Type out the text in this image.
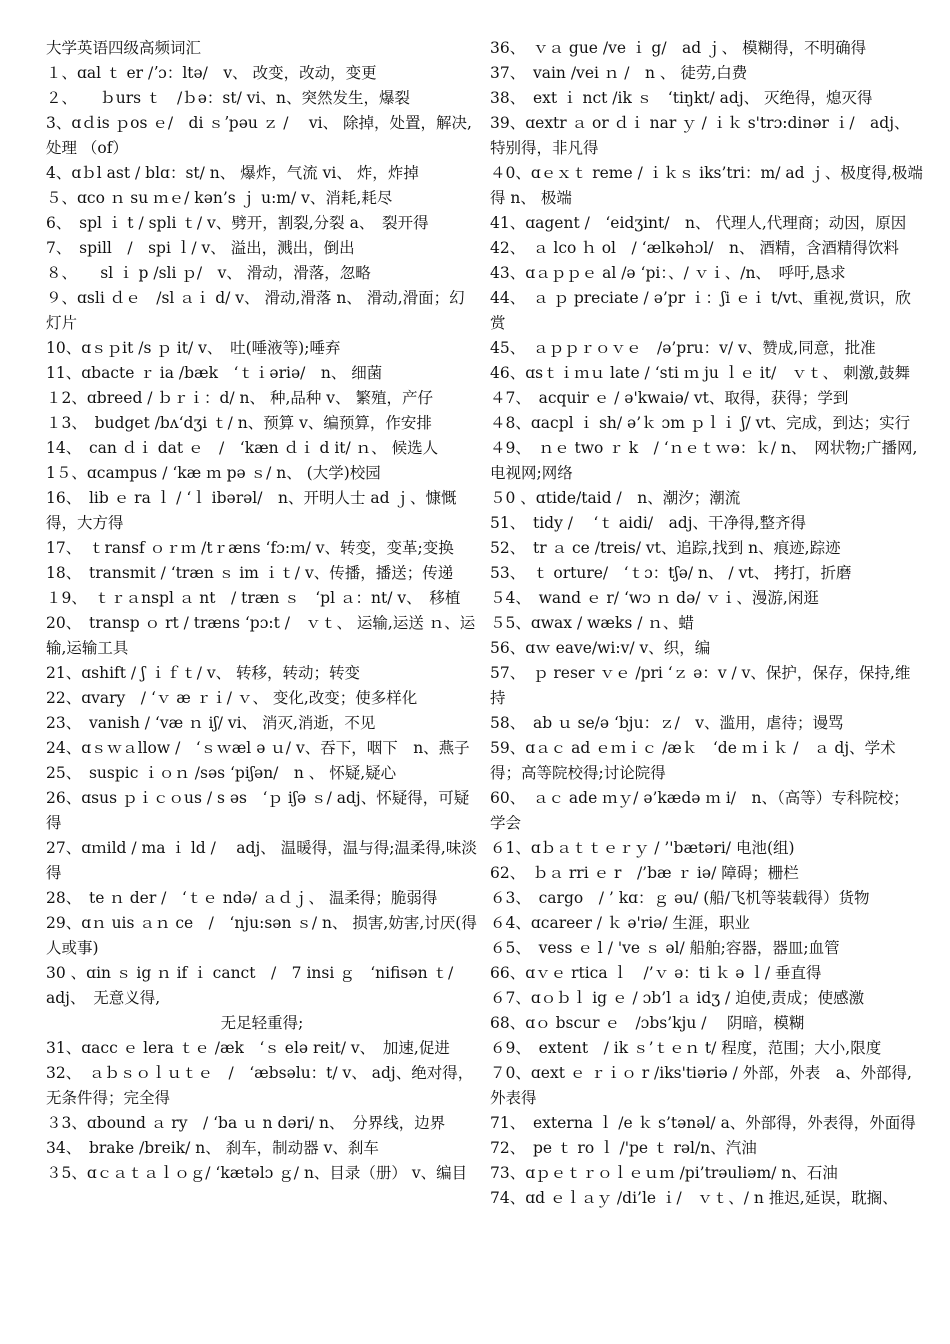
大学英语四级高频词汇

１、ɑal ｔ er /ʼɔ：ltə/　v、 改变，改动，变更

２、　　ｂurs ｔ　/ｂə：st/ vi、n、突然发生，爆裂

3、ɑｄis ｐos ｅ/　di ｓʼpəu ｚ /　 vi、 除掉，处置，解决,处理 （of）

4、ɑｂl ast / blɑ：st/ n、 爆炸，气流 vi、 炸，炸掉

５、ɑco ｎ su ｍｅ/ kən’s ｊ u:m/ v、消耗,耗尽

6、　spl ｉ t / spli ｔ/ v、劈开，割裂,分裂 a、　裂开得

7、　spill　/　spi ｌ/ v、 溢出，溅出，倒出

８、　　sl ｉ p /sli ｐ/　v、 滑动，滑落，忽略

９、ɑsli ｄｅ　/sl ａｉ d/ v、 滑动,滑落 n、 滑动,滑面；幻灯片

10、ɑｓｐit /s ｐ it/ v、　吐(唾液等);唾弃

11、ɑbacte ｒ ia /bæk　‘ｔｉəriə/　n、 细菌

１2、ɑbreed / ｂｒｉ：d/ n、 种,品种 v、 繁殖，产仔

１3、　budget /bʌ‘dʒi ｔ/ n、预算 v、编预算，作安排

14、　can ｄｉ dat ｅ　/　‘kæn ｄｉ d it/ ｎ、 候选人

1５、ɑcampus / ‘kæ ｍ pə ｓ/ n、 (大学)校园

16、　lib ｅ ra ｌ / ‘ｌ ibərəl/　n、开明人士 ad ｊ、慷慨得，大方得

17、　ｔransf ｏｒｍ /tｒæns ‘fɔ:ｍ/ v、转变，变革;变换

18、　transmit / ‘træn ｓ im ｉｔ/ v、传播，播送；传递

１9、　ｔｒａnspl ａ nt　/ træn ｓ　‘pl ａ：nt/ v、　移植

20、　transp ｏ rt / træns ‘pɔ:t /　ｖｔ、 运输,运送 ｎ、运输,运输工具

21、ɑshift / ʃ ｉｆｔ/ v、 转移，转动；转变

22、ɑvary　/ ‘ｖ æ ｒｉ/ ｖ、 变化,改变；使多样化

23、　vanish / ‘væ ｎ iʃ/ vi、 消灭,消逝，不见

24、ɑｓｗａllow /　‘ｓｗæl ə ｕ/ v、吞下，咽下　n、燕子

25、　suspic ｉｏｎ /səs ‘piʃən/　n 、 怀疑,疑心

26、ɑsus ｐｉｃｏus / s əs　‘ｐ iʃə ｓ/ adj、怀疑得，可疑得

27、ɑｍild / ma ｉ ld /　 adj、 温暖得，温与得;温柔得,味淡得

28、　te ｎ der /　‘ｔｅ ndə/ ａｄｊ、 温柔得；脆弱得

29、ɑｎ uis ａｎ ce　/　‘nju:sən ｓ/ n、 损害,妨害,讨厌(得人或事)

30 、ɑin ｓ ig ｎ if ｉ canct　/　7 insi ｇ　‘nifisən ｔ/ adj、　无意义得,

无足轻重得;

31、ɑacc ｅ lera ｔｅ /æk　‘ｓ elə reit/ v、　加速,促进

32、　ａｂｓｏｌｕｔｅ　/　‘æbsəlu：t/ v、 adj、绝对得，无条件得；完全得

３3、ɑbound ａ ry　/ ‘ba ｕ n dəri/ n、　分界线，边界

34、　brake /breik/ n、 刹车，制动器 v、刹车

３5、ɑｃａｔａｌｏｇ/ ‘kætəlɔ ｇ/ n、目录（册） v、编目

36、　ｖａ gue /ve ｉ g/　ad ｊ、 模糊得，不明确得

37、　vain /vei ｎ /　n 、 徒劳,白费

38、　ext ｉ nct /ik ｓ　‘tiŋkt/ adj、 灭绝得，熄灭得

39、ɑextr ａ or ｄｉ nar ｙ / ｉｋ s'trɔ:dinər ｉ/　adj、特别得，非凡得

４0、ɑｅｘｔ reme / ｉｋｓ iks’tri：m/ ad ｊ、极度得,极端得 n、 极端

41、ɑagent /　‘eidʒint/　n、 代理人,代理商；动因，原因

42、　ａ lco ｈ ol　/ ‘ælkəhɔl/　n、 酒精，含酒精得饮料

43、ɑａｐｐｅ al /ə ‘pi：、/ ｖｉ、/n、　呼吁,恳求

44、　ａ ｐ preciate / ə’pr ｉ：ʃi ｅｉ t/vt、重视,赏识，欣赏

45、　ａｐｐｒｏｖｅ　/ə’pru：v/ v、赞成,同意，批准

46、ɑsｔｉｍｕ late / ‘sti ｍ ju ｌｅ it/　ｖｔ、 刺激,鼓舞

４7、　acquir ｅ / ə'kwaiə/ vt、取得，获得；学到

４8、ɑacpl ｉ sh/ ə’ｋ ɔm ｐｌｉ ʃ/ vt、完成，到达；实行

４9、　ｎｅ two ｒ k　/ ‘ｎｅｔｗə：ｋ/ n、　网状物;广播网,电视网;网络

５0 、ɑtide/taid /　n、潮汐；潮流

51、　tidy /　 ‘ｔ aidi/　adj、干净得,整齐得

52、　tr ａ ce /treis/ vt、追踪,找到 n、痕迹,踪迹

53、　ｔ orture/　‘ｔɔ：tʃə/ n、 / vt、 拷打，折磨

５4、　wand ｅ r/ ‘wɔ ｎ də/ ｖｉ、漫游,闲逛

５5、ɑwax / wæks / ｎ、蜡

56、ɑｗ eave/wi:v/ v、织，编

57、　ｐ reser ｖｅ /pri ‘ｚ ə：v / v、保护，保存，保持,维持

58、　ab ｕ se/ə ‘bju：ｚ/　v、滥用，虐待；谩骂

59、ɑａｃ ad ｅｍｉｃ /æｋ　‘de ｍｉｋ /　ａ dj、学术得；高等院校得;讨论院得

60、　ａｃ ade ｍｙ/ ə’kædə ｍ i/　n、（高等）专科院校；学会

６1、ɑｂａｔｔｅｒｙ / ’'bætəri/ 电池(组)

62、　ｂａ rri ｅ r　/’bæ ｒ iə/ 障碍；栅栏

６3、　cargo　/ ’ kɑ：ｇ əu/ (船/飞机等装载得）货物

６4、ɑcareer / ｋ ə'riə/ 生涯，职业

６5、　vess ｅ l / 've ｓ əl/ 船舶;容器，器皿;血管

66、ɑｖｅ rtica ｌ　/’ｖ ə：ti ｋ ə ｌ/ 垂直得

６7、ɑｏｂｌ ig ｅ / ɔb’l ａ idʒ / 迫使,责成；使感激

68、ɑｏ bscur ｅ　/ɔbs’kju /　 阴暗，模糊

６9、　extent　/ ik ｓ’ｔｅｎ t/ 程度，范围；大小,限度

７0、ɑext ｅ ｒｉｏ r /iks'tiəriə / 外部，外表　a、外部得,外表得

71、　externa ｌ /e ｋ s’tənəl/ a、外部得，外表得，外面得

72、　pe ｔ ro ｌ /'pe ｔ rəl/n、汽油

73、ɑｐｅｔｒｏｌｅｕｍ /pi’trəuliəm/ n、石油

74、ɑd ｅｌａｙ /di’le ｉ/　ｖｔ、/ n 推迟,延误，耽搁、
